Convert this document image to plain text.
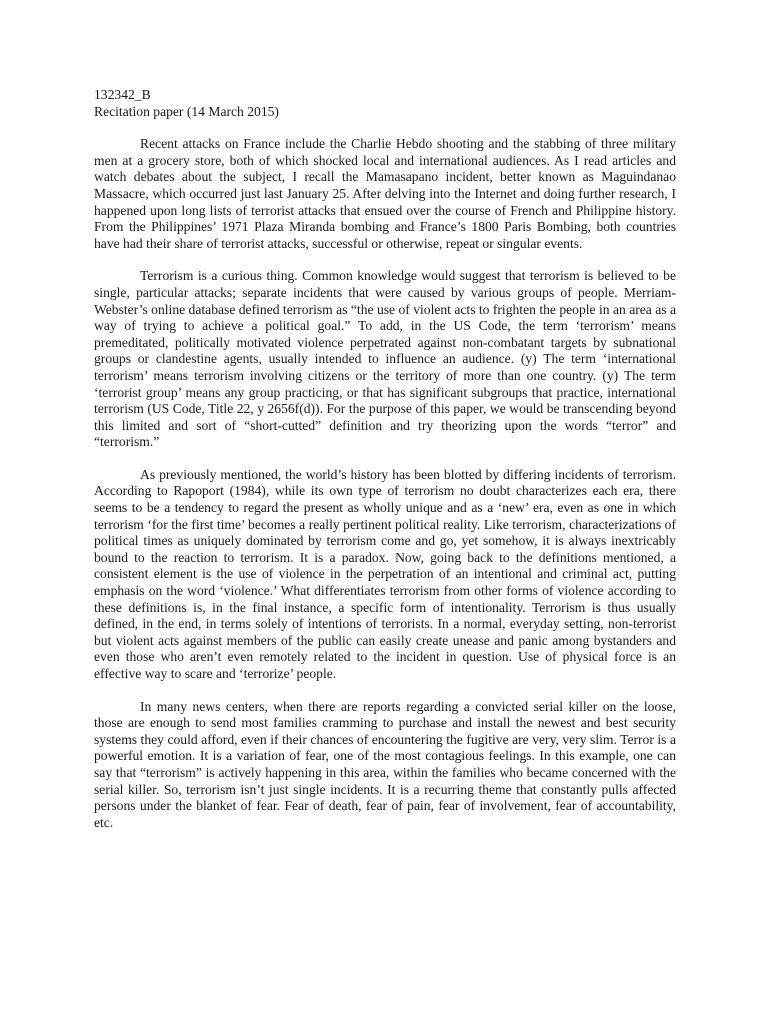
132342_B

Recitation paper (14 March 2015)

Recent attacks on France include the Charlie Hebdo shooting and the stabbing of three military men at a grocery store, both of which shocked local and international audiences. As I read articles and watch debates about the subject, I recall the Mamasapano incident, better known as Maguindanao Massacre, which occurred just last January 25. After delving into the Internet and doing further research, I happened upon long lists of terrorist attacks that ensued over the course of French and Philippine history. From the Philippines’ 1971 Plaza Miranda bombing and France’s 1800 Paris Bombing, both countries have had their share of terrorist attacks, successful or otherwise, repeat or singular events.

Terrorism is a curious thing. Common knowledge would suggest that terrorism is believed to be single, particular attacks; separate incidents that were caused by various groups of people. Merriam-Webster’s online database defined terrorism as “the use of violent acts to frighten the people in an area as a way of trying to achieve a political goal.” To add, in the US Code, the term ‘terrorism’ means premeditated, politically motivated violence perpetrated against non-combatant targets by subnational groups or clandestine agents, usually intended to influence an audience. (y) The term ‘international terrorism’ means terrorism involving citizens or the territory of more than one country. (y) The term ‘terrorist group’ means any group practicing, or that has significant subgroups that practice, international terrorism (US Code, Title 22, y 2656f(d)). For the purpose of this paper, we would be transcending beyond this limited and sort of “short-cutted” definition and try theorizing upon the words “terror” and “terrorism.”

As previously mentioned, the world’s history has been blotted by differing incidents of terrorism. According to Rapoport (1984), while its own type of terrorism no doubt characterizes each era, there seems to be a tendency to regard the present as wholly unique and as a ‘new’ era, even as one in which terrorism ‘for the first time’ becomes a really pertinent political reality. Like terrorism, characterizations of political times as uniquely dominated by terrorism come and go, yet somehow, it is always inextricably bound to the reaction to terrorism. It is a paradox. Now, going back to the definitions mentioned, a consistent element is the use of violence in the perpetration of an intentional and criminal act, putting emphasis on the word ‘violence.’ What differentiates terrorism from other forms of violence according to these definitions is, in the final instance, a specific form of intentionality. Terrorism is thus usually defined, in the end, in terms solely of intentions of terrorists. In a normal, everyday setting, non-terrorist but violent acts against members of the public can easily create unease and panic among bystanders and even those who aren’t even remotely related to the incident in question. Use of physical force is an effective way to scare and ‘terrorize’ people.

In many news centers, when there are reports regarding a convicted serial killer on the loose, those are enough to send most families cramming to purchase and install the newest and best security systems they could afford, even if their chances of encountering the fugitive are very, very slim. Terror is a powerful emotion. It is a variation of fear, one of the most contagious feelings. In this example, one can say that “terrorism” is actively happening in this area, within the families who became concerned with the serial killer. So, terrorism isn’t just single incidents. It is a recurring theme that constantly pulls affected persons under the blanket of fear. Fear of death, fear of pain, fear of involvement, fear of accountability, etc.
